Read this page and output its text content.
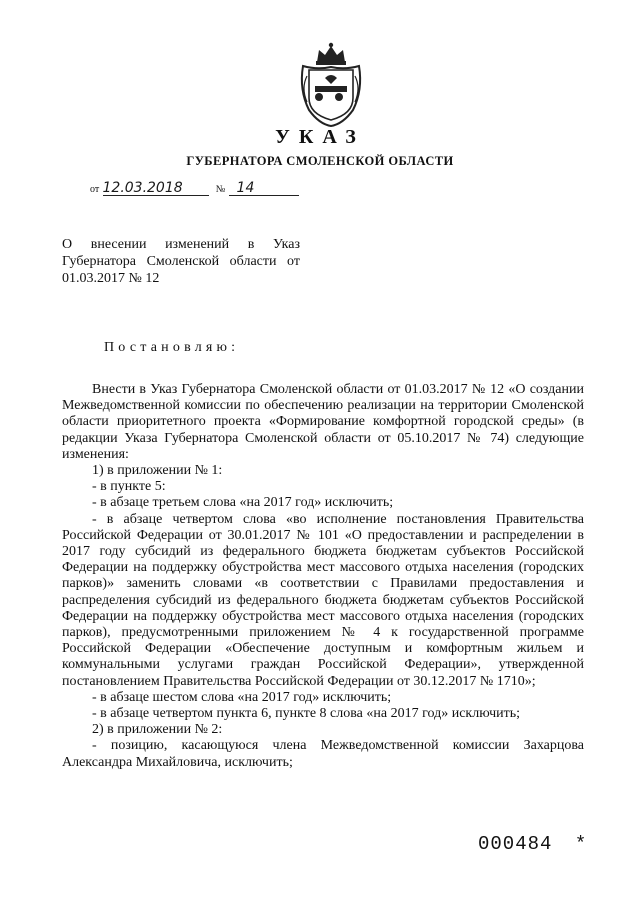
УКАЗ
ГУБЕРНАТОРА СМОЛЕНСКОЙ ОБЛАСТИ
от 12.03.2018	№ 14
О внесении изменений в Указ
Губернатора Смоленской области от
01.03.2017 № 12
Постановляю:

Внести в Указ Губернатора Смоленской области от 01.03.2017 № 12 «О создании Межведомственной комиссии по обеспечению реализации на территории Смоленской области приоритетного проекта «Формирование комфортной городской среды» (в редакции Указа Губернатора Смоленской области от 05.10.2017 № 74) следующие изменения:

1) в приложении № 1:

- в пункте 5:

- в абзаце третьем слова «на 2017 год» исключить;

- в абзаце четвертом слова «во исполнение постановления Правительства Российской Федерации от 30.01.2017 № 101 «О предоставлении и распределении в 2017 году субсидий из федерального бюджета бюджетам субъектов Российской Федерации на поддержку обустройства мест массового отдыха населения (городских парков)» заменить словами «в соответствии с Правилами предоставления и распределения субсидий из федерального бюджета бюджетам субъектов Российской Федерации на поддержку обустройства мест массового отдыха населения (городских парков), предусмотренными приложением № 4 к государственной программе Российской Федерации «Обеспечение доступным и комфортным жильем и коммунальными услугами граждан Российской Федерации», утвержденной постановлением Правительства Российской Федерации от 30.12.2017 № 1710»;

- в абзаце шестом слова «на 2017 год» исключить;

- в абзаце четвертом пункта 6, пункте 8 слова «на 2017 год» исключить;

2) в приложении № 2:

- позицию, касающуюся члена Межведомственной комиссии Захарцова Александра Михайловича, исключить;

000484 *
